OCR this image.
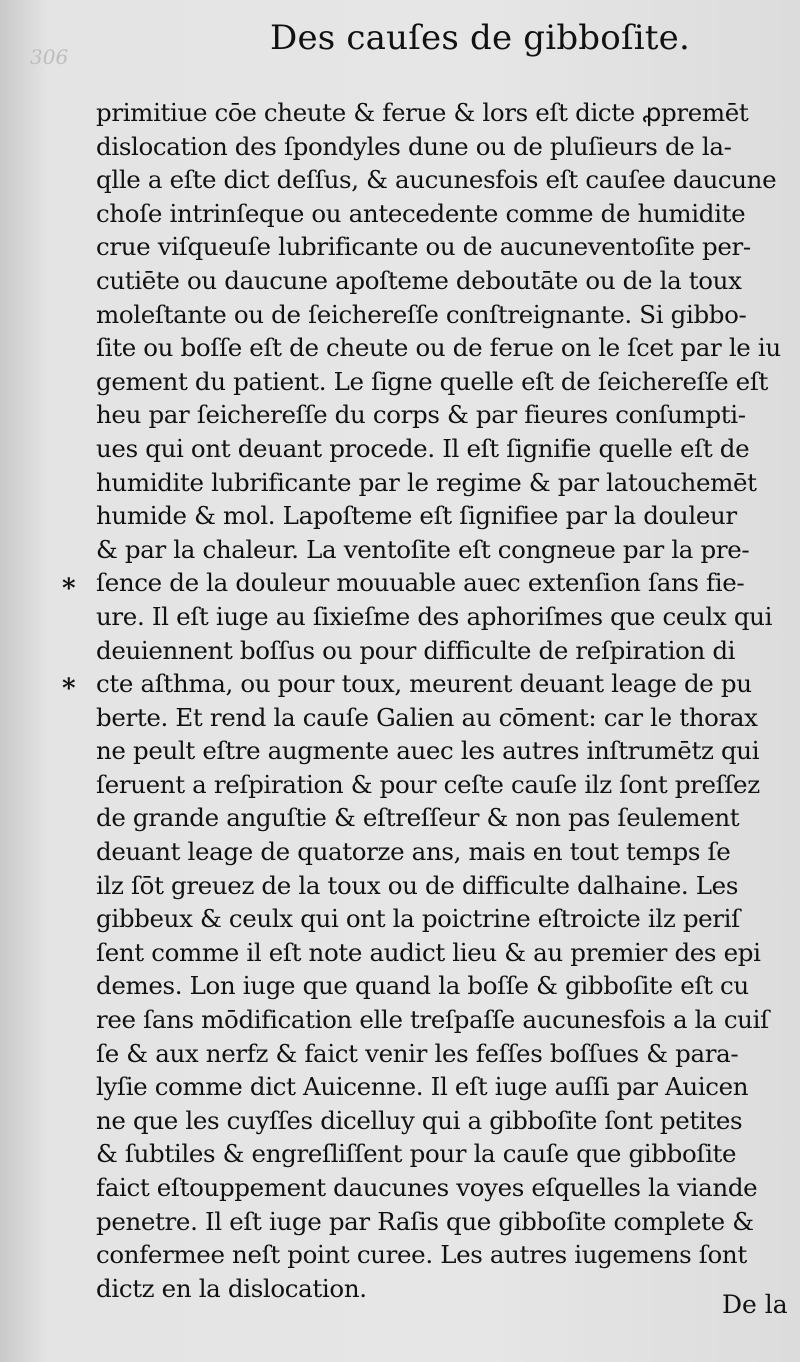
306	Des cauſes de gibboſite.
*
*
primitiue cōe cheute & ferue & lors eſt dicte ꝓpremēt
dislocation des ſpondyles dune ou de pluſieurs de la-
qlle a eſte dict deſſus, & aucunesfois eſt cauſee daucune
choſe intrinſeque ou antecedente comme de humidite
crue viſqueuſe lubrificante ou de aucuneventoſite per-
cutiēte ou daucune apoſteme deboutāte ou de la toux
moleſtante ou de ſeichereſſe conſtreignante. Si gibbo-
ſite ou boſſe eſt de cheute ou de ferue on le ſcet par le iu
gement du patient. Le ſigne quelle eſt de ſeichereſſe eſt
heu par ſeichereſſe du corps & par fieures conſumpti-
ues qui ont deuant procede. Il eſt ſignifie quelle eſt de
humidite lubrificante par le regime & par latouchemēt
humide & mol. Lapoſteme eſt ſignifiee par la douleur
& par la chaleur. La ventoſite eſt congneue par la pre-
ſence de la douleur mouuable auec extenſion ſans fie-
ure. Il eſt iuge au ſixieſme des aphoriſmes que ceulx qui
deuiennent boſſus ou pour difficulte de reſpiration di
cte aſthma, ou pour toux, meurent deuant leage de pu
berte. Et rend la cauſe Galien au cōment: car le thorax
ne peult eſtre augmente auec les autres inſtrumētz qui
ſeruent a reſpiration & pour ceſte cauſe ilz ſont preſſez
de grande anguſtie & eſtreſſeur & non pas ſeulement
deuant leage de quatorze ans, mais en tout temps ſe
ilz ſōt greuez de la toux ou de difficulte dalhaine. Les
gibbeux & ceulx qui ont la poictrine eſtroicte ilz periſ
ſent comme il eſt note audict lieu & au premier des epi
demes. Lon iuge que quand la boſſe & gibboſite eſt cu
ree ſans mōdification elle treſpaſſe aucunesfois a la cuiſ
ſe & aux nerfz & faict venir les feſſes boſſues & para-
lyſie comme dict Auicenne. Il eſt iuge auſſi par Auicen
ne que les cuyſſes dicelluy qui a gibboſite ſont petites
& ſubtiles & engreſliſſent pour la cauſe que gibboſite
faict eſtouppement daucunes voyes eſquelles la viande
penetre. Il eſt iuge par Raſis que gibboſite complete &
confermee neſt point curee. Les autres iugemens ſont
dictz en la dislocation.
De la
